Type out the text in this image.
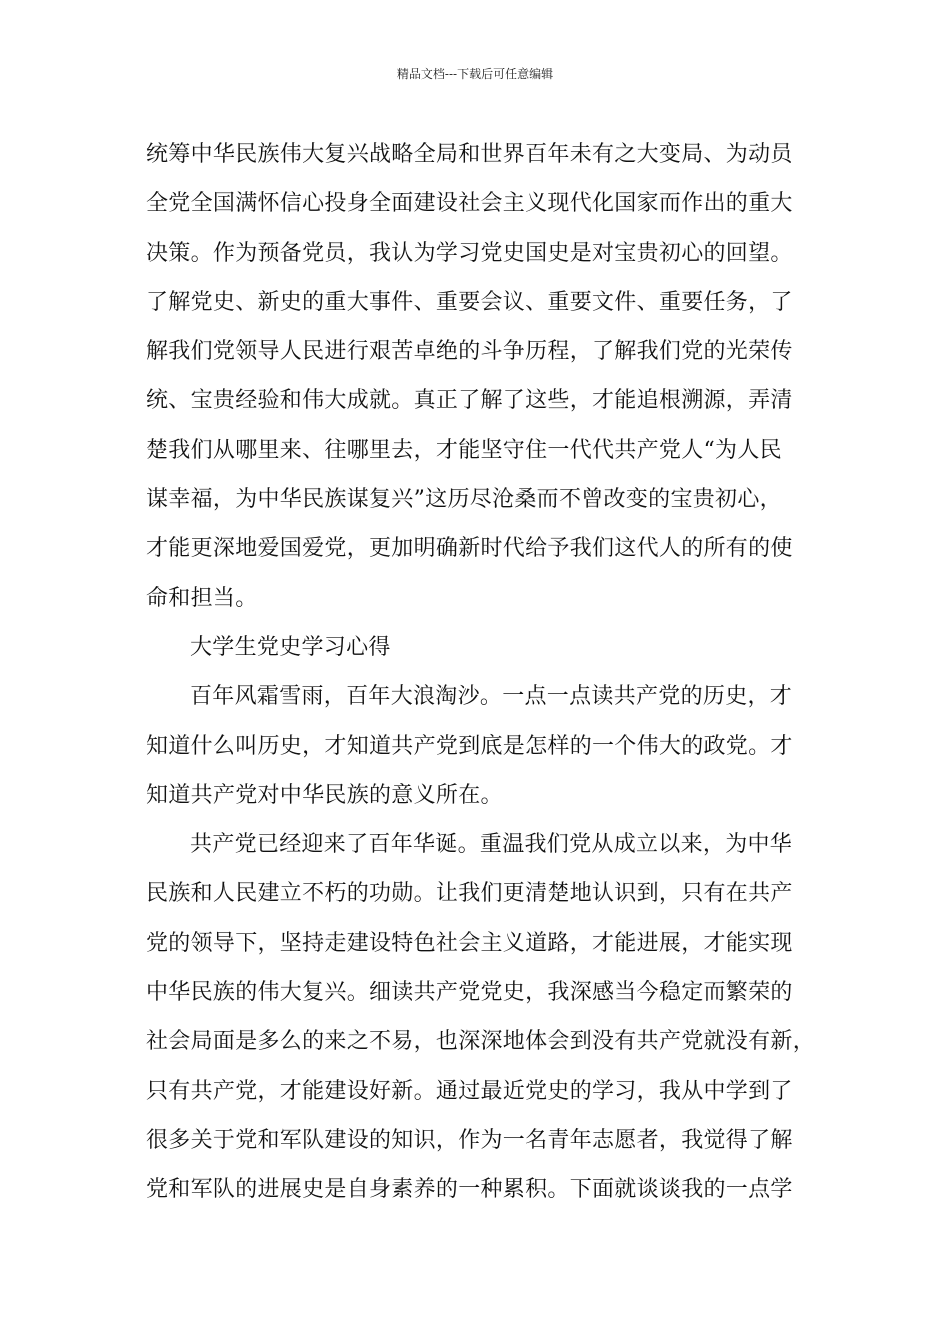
精品文档---下载后可任意编辑
统筹中华民族伟大复兴战略全局和世界百年未有之大变局、为动员
全党全国满怀信心投身全面建设社会主义现代化国家而作出的重大
决策。作为预备党员，我认为学习党史国史是对宝贵初心的回望。
了解党史、新史的重大事件、重要会议、重要文件、重要任务，了
解我们党领导人民进行艰苦卓绝的斗争历程，了解我们党的光荣传
统、宝贵经验和伟大成就。真正了解了这些，才能追根溯源，弄清
楚我们从哪里来、往哪里去，才能坚守住一代代共产党人“为人民
谋幸福，为中华民族谋复兴”这历尽沧桑而不曾改变的宝贵初心，
才能更深地爱国爱党，更加明确新时代给予我们这代人的所有的使
命和担当。
大学生党史学习心得
百年风霜雪雨，百年大浪淘沙。一点一点读共产党的历史，才
知道什么叫历史，才知道共产党到底是怎样的一个伟大的政党。才
知道共产党对中华民族的意义所在。
共产党已经迎来了百年华诞。重温我们党从成立以来，为中华
民族和人民建立不朽的功勋。让我们更清楚地认识到，只有在共产
党的领导下，坚持走建设特色社会主义道路，才能进展，才能实现
中华民族的伟大复兴。细读共产党党史，我深感当今稳定而繁荣的
社会局面是多么的来之不易，也深深地体会到没有共产党就没有新，
只有共产党，才能建设好新。通过最近党史的学习，我从中学到了
很多关于党和军队建设的知识，作为一名青年志愿者，我觉得了解
党和军队的进展史是自身素养的一种累积。下面就谈谈我的一点学
